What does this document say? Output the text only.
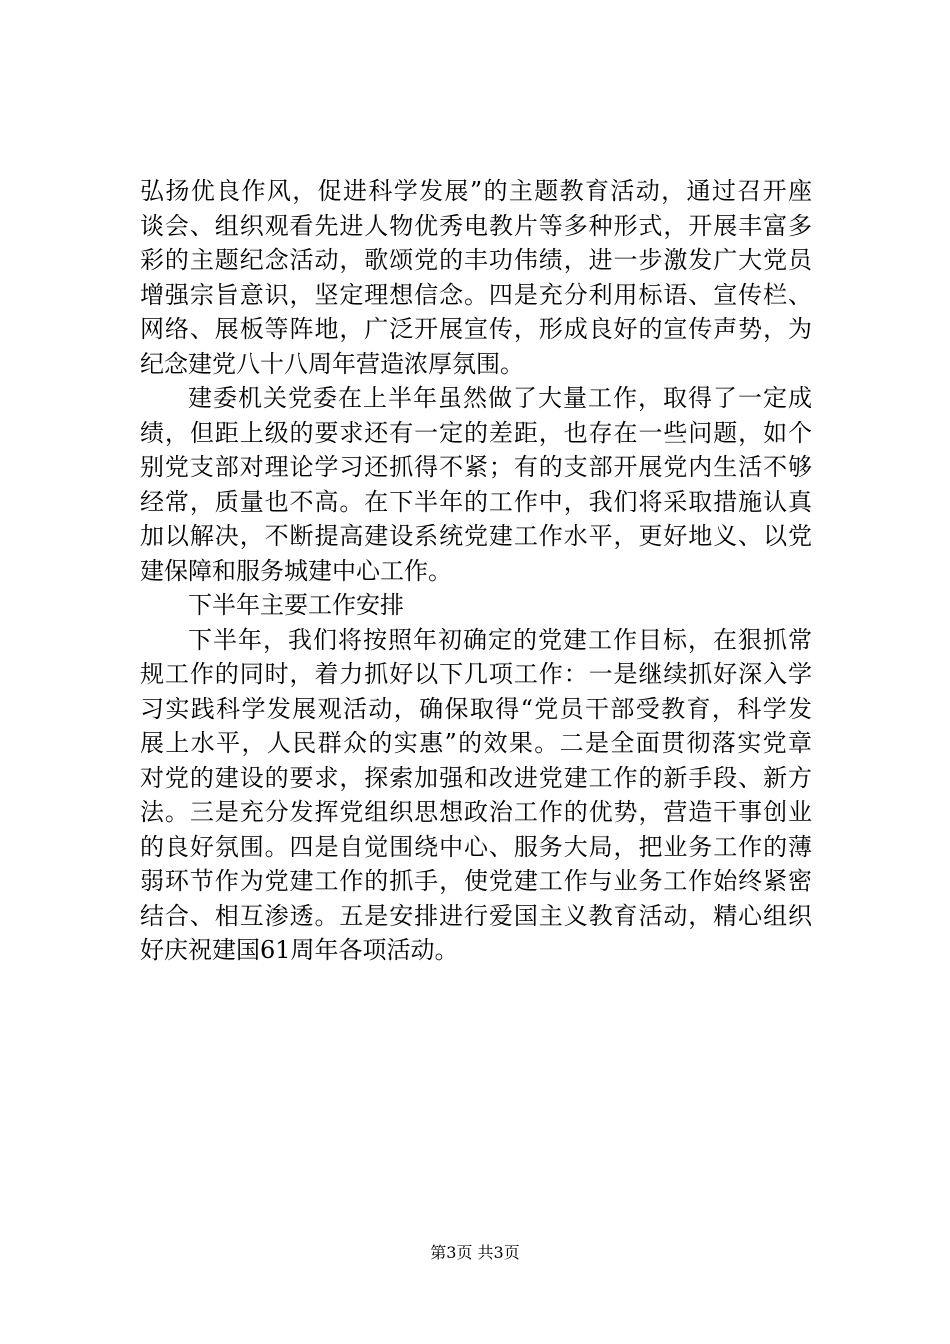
弘扬优良作风，促进科学发展”的主题教育活动，通过召开座
谈会、组织观看先进人物优秀电教片等多种形式，开展丰富多
彩的主题纪念活动，歌颂党的丰功伟绩，进一步激发广大党员
增强宗旨意识，坚定理想信念。四是充分利用标语、宣传栏、
网络、展板等阵地，广泛开展宣传，形成良好的宣传声势，为
纪念建党八十八周年营造浓厚氛围。
建委机关党委在上半年虽然做了大量工作，取得了一定成
绩，但距上级的要求还有一定的差距，也存在一些问题，如个
别党支部对理论学习还抓得不紧；有的支部开展党内生活不够
经常，质量也不高。在下半年的工作中，我们将采取措施认真
加以解决，不断提高建设系统党建工作水平，更好地义、以党
建保障和服务城建中心工作。
下半年主要工作安排
下半年，我们将按照年初确定的党建工作目标，在狠抓常
规工作的同时，着力抓好以下几项工作：一是继续抓好深入学
习实践科学发展观活动，确保取得“党员干部受教育，科学发
展上水平，人民群众的实惠”的效果。二是全面贯彻落实党章
对党的建设的要求，探索加强和改进党建工作的新手段、新方
法。三是充分发挥党组织思想政治工作的优势，营造干事创业
的良好氛围。四是自觉围绕中心、服务大局，把业务工作的薄
弱环节作为党建工作的抓手，使党建工作与业务工作始终紧密
结合、相互渗透。五是安排进行爱国主义教育活动，精心组织
好庆祝建国61周年各项活动。
第3页 共3页
